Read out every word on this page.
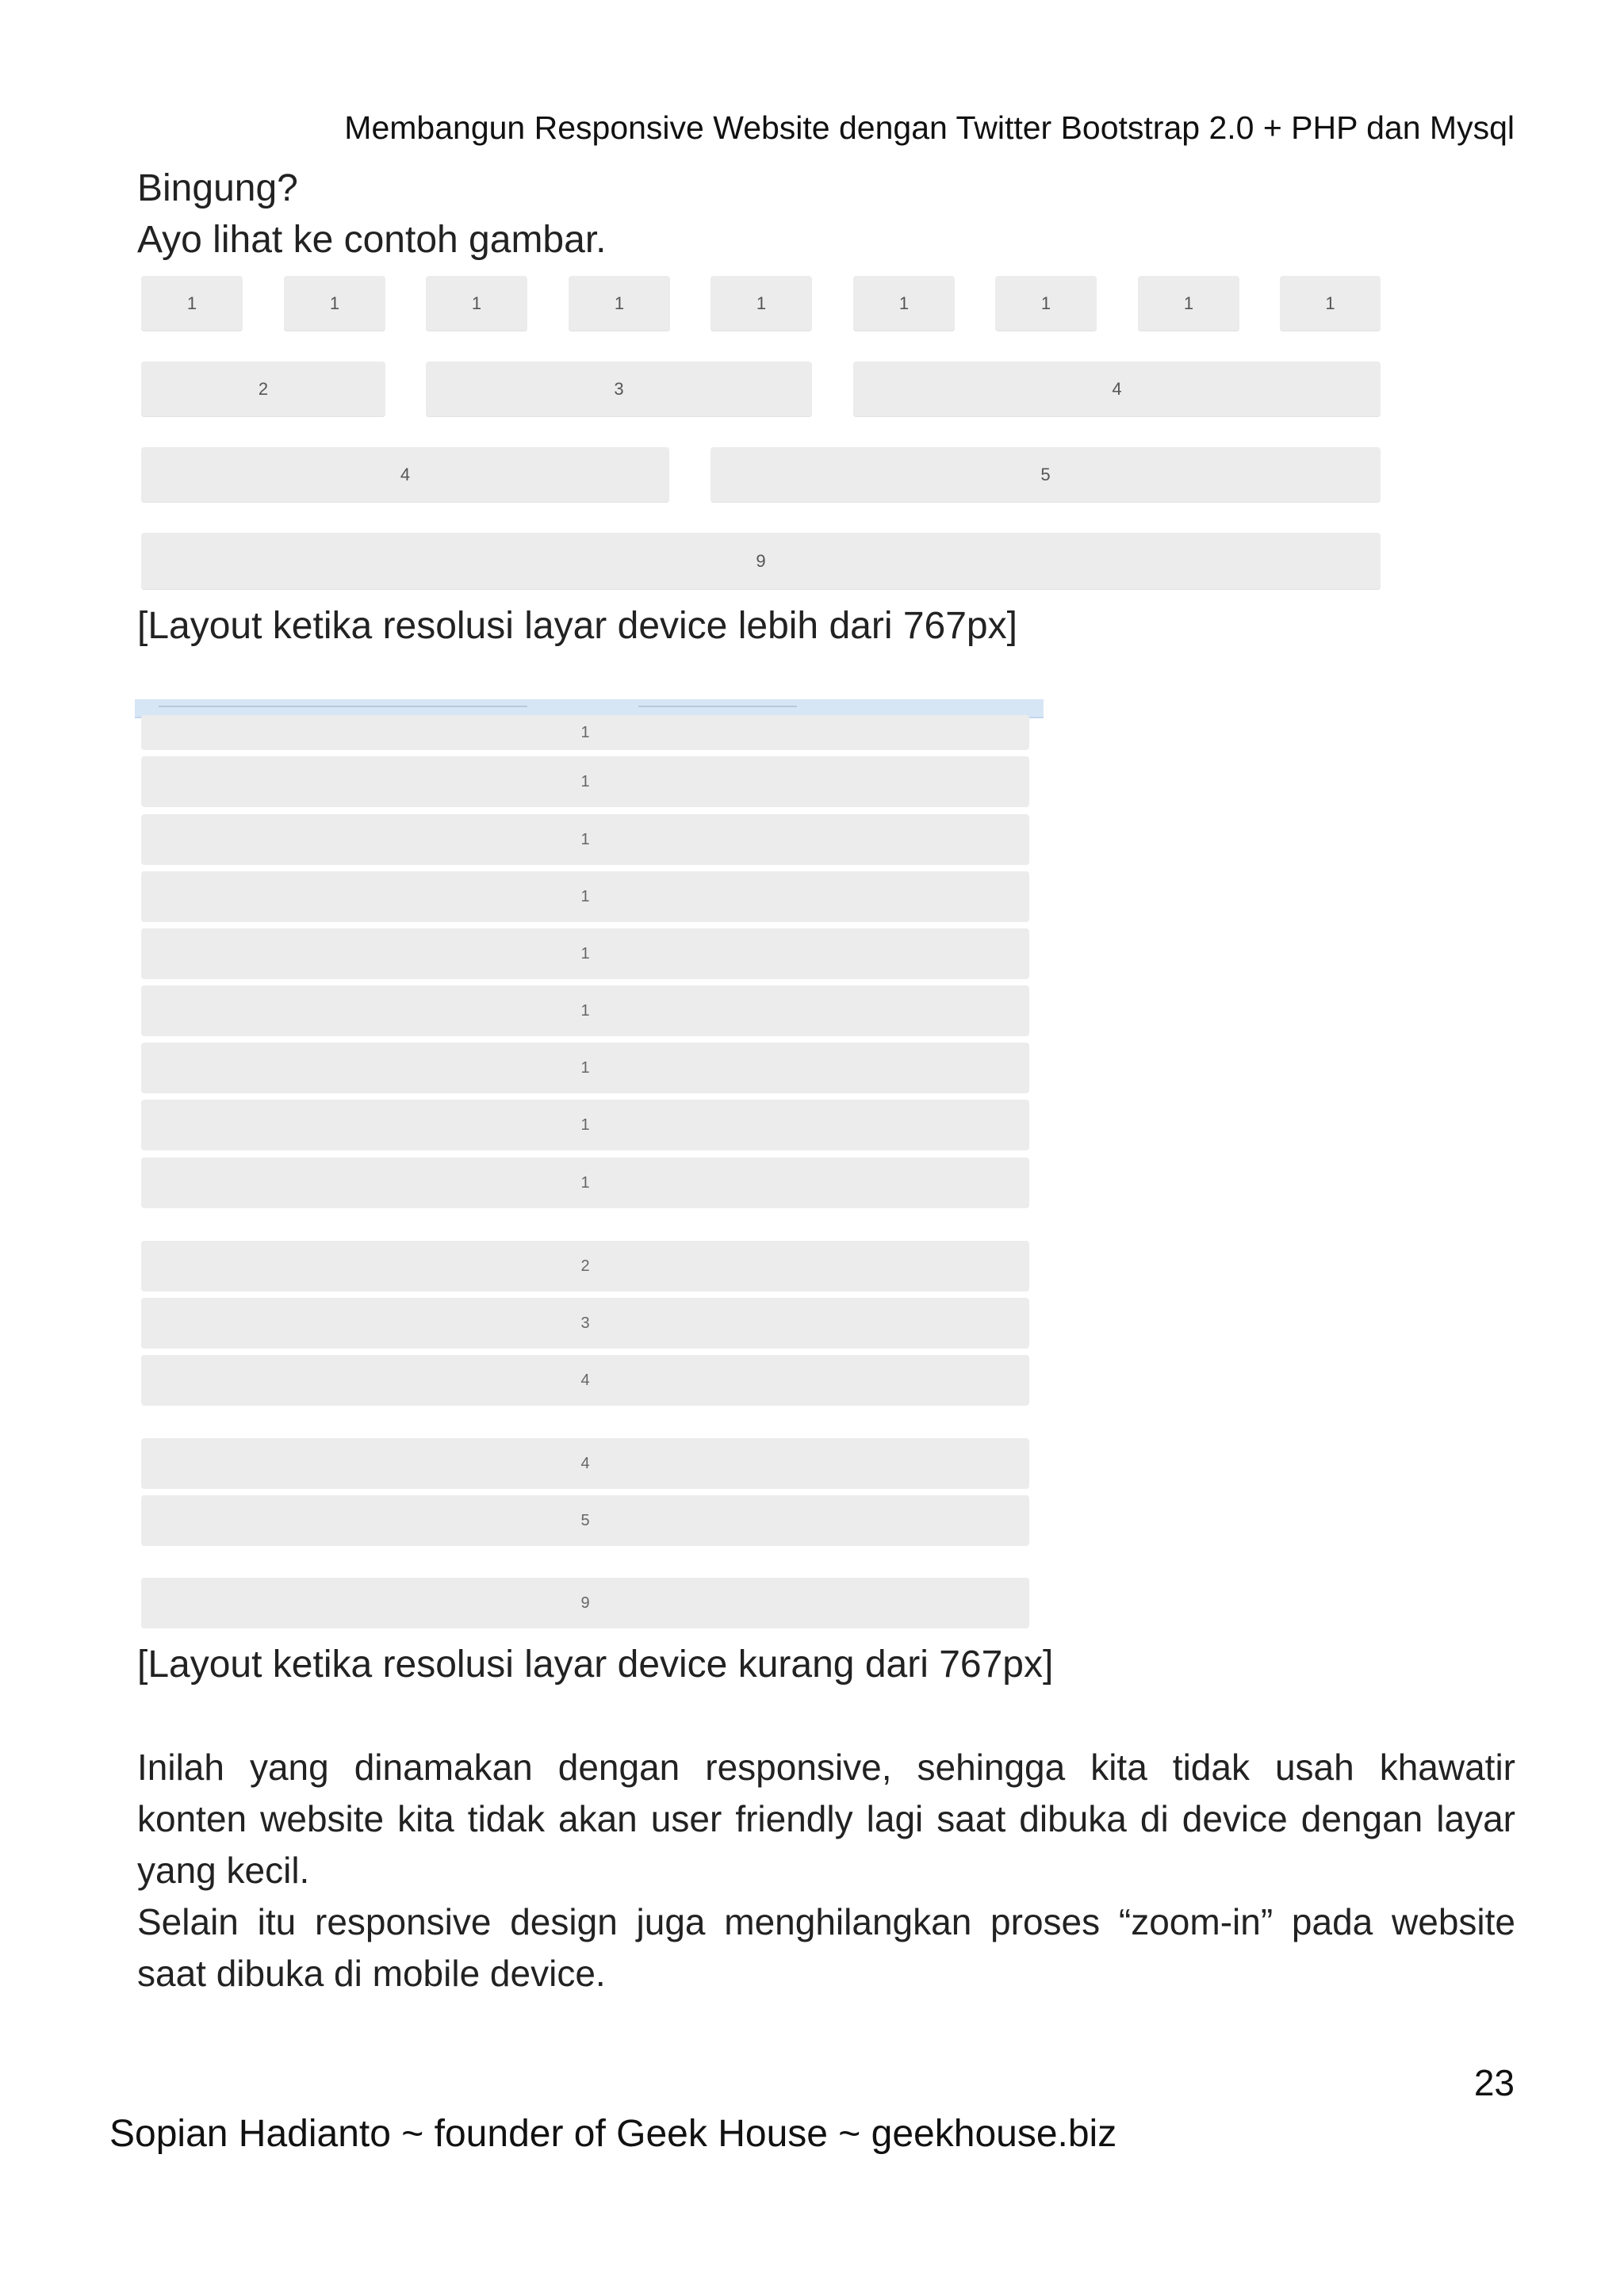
Membangun Responsive Website dengan Twitter Bootstrap 2.0 + PHP dan Mysql
Bingung?
Ayo lihat ke contoh gambar.
1	1	1	1	1	1	1	1	1
2	3	4
4	5
9
[Layout ketika resolusi layar device lebih dari 767px]
1
1
1
1
1
1
1
1
1
2
3
4
4
5
9
[Layout ketika resolusi layar device kurang dari 767px]
Inilah yang dinamakan dengan responsive, sehingga kita tidak usah khawatir
konten website kita tidak akan user friendly lagi saat dibuka di device dengan layar
yang kecil.
Selain itu responsive design juga menghilangkan proses “zoom-in” pada website
saat dibuka di mobile device.
23
Sopian Hadianto ~ founder of Geek House ~ geekhouse.biz
